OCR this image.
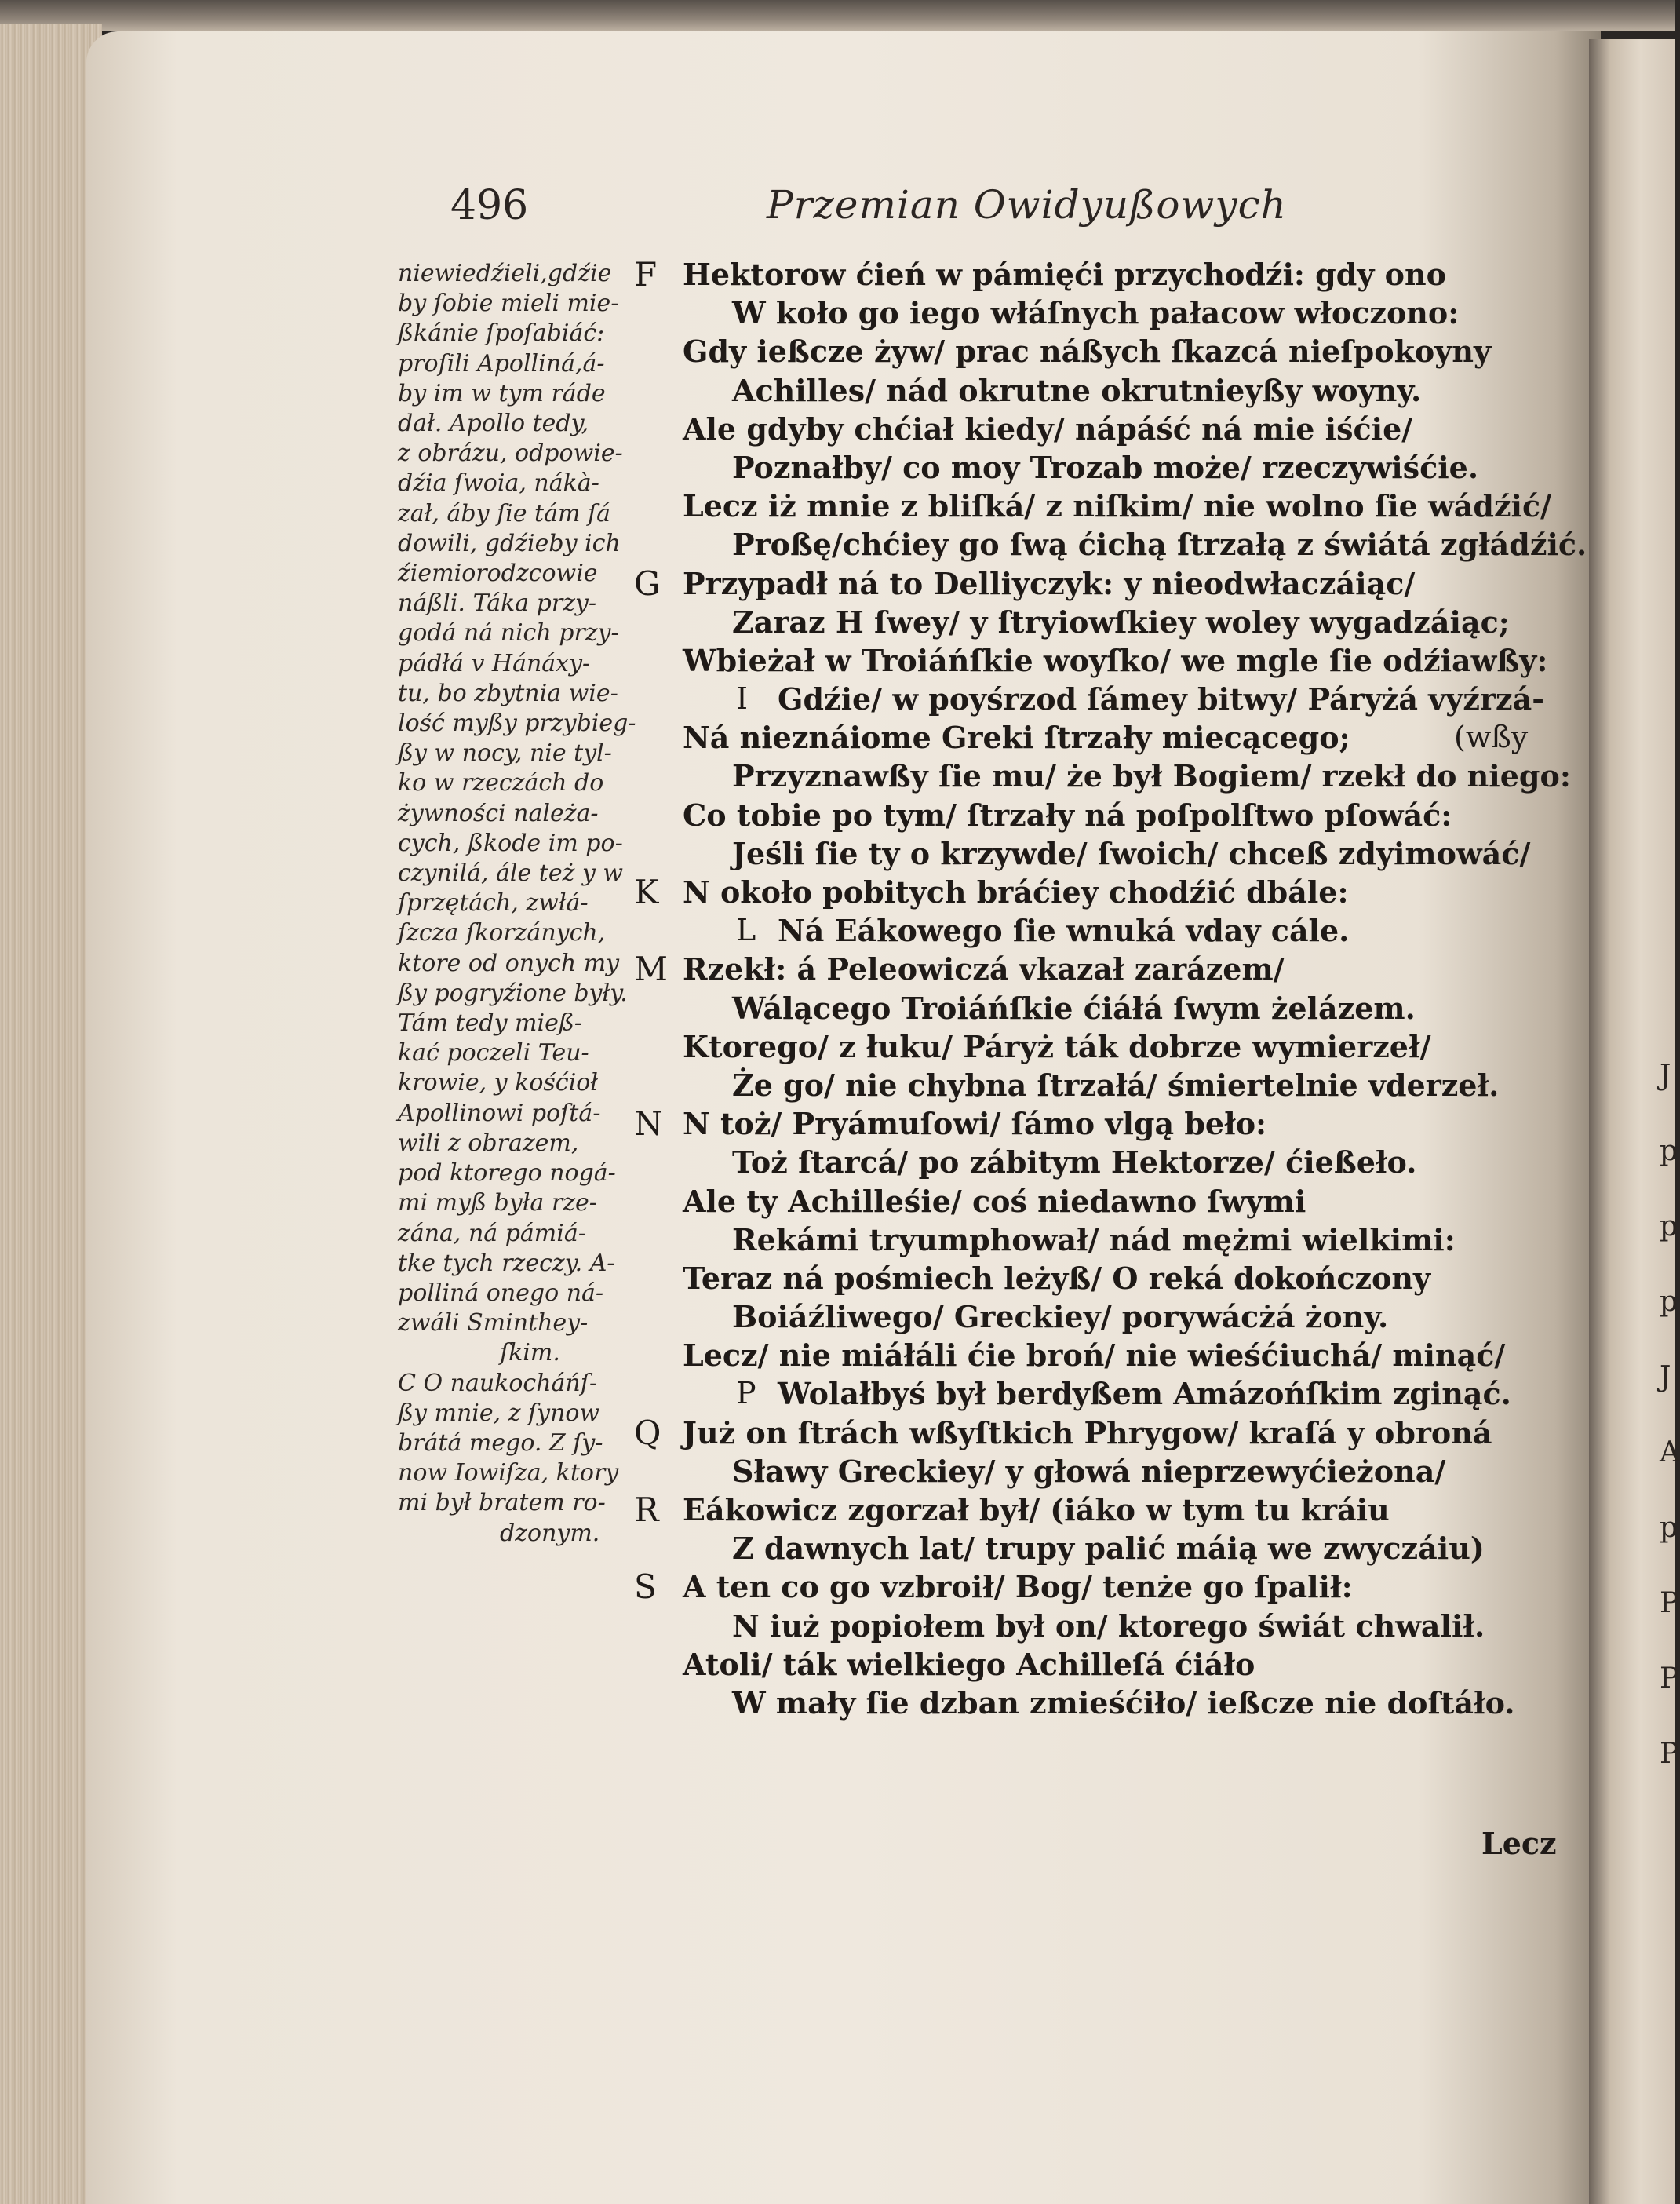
J
p
p
p
J
A
p
P
P
P
496	Przemian Owidyußowych
niewiedźieli,gdźie
by ſobie mieli mie-
ßkánie ſpoſabiáć:
proſili Apolliná,á-
by im w tym ráde
dał. Apollo tedy,
z obrázu, odpowie-
dźia ſwoia, nákà-
zał, áby ſie tám ſá
dowili, gdźieby ich
źiemiorodzcowie
náßli. Táka przy-
godá ná nich przy-
pádłá v Hánáxy-
tu, bo zbytnia wie-
lość myßy przybieg-
ßy w nocy, nie tyl-
ko w rzeczách do
żywności należa-
cych, ßkode im po-
czynilá, ále też y w
ſprzętách, zwłá-
ſzcza ſkorzánych,
ktore od onych my
ßy pogryźione były.
Tám tedy mieß-
kać poczeli Teu-
krowie, y kośćioł
Apollinowi poſtá-
wili z obrazem,
pod ktorego nogá-
mi myß była rze-
zána, ná pámiá-
tke tych rzeczy. A-
polliná onego ná-
zwáli Sminthey-
ſkim.
C O naukocháńſ-
ßy mnie, z ſynow
brátá mego. Z ſy-
now Iowiſza, ktory
mi był bratem ro-
dzonym.
F Hektorow ćień w pámięći przychodźi: gdy ono
W koło go iego włáſnych pałacow włoczono:
Gdy ießcze żyw/ prac náßych ſkazcá nieſpokoyny
Achilles/ nád okrutne okrutnieyßy woyny.
Ale gdyby chćiał kiedy/ nápáść ná mie iśćie/
Poznałby/ co moy Trozab może/ rzeczywiśćie.
Lecz iż mnie z bliſká/ z niſkim/ nie wolno ſie wádźić/
Proßę/chćiey go ſwą ćichą ſtrzałą z świátá zgłádźić.
G Przypadł ná to Delliyczyk: y nieodwłaczáiąc/
Zaraz H ſwey/ y ſtryiowſkiey woley wygadzáiąc;
Wbieżał w Troiáńſkie woyſko/ we mgle ſie odźiawßy:
I Gdźie/ w poyśrzod ſámey bitwy/ Páryżá vyźrzá-
Ná nieznáiome Greki ſtrzały miecącego;	(wßy
Przyznawßy ſie mu/ że był Bogiem/ rzekł do niego:
Co tobie po tym/ ſtrzały ná poſpolſtwo pſowáć:
Jeśli ſie ty o krzywde/ ſwoich/ chceß zdyimowáć/
K N około pobitych bráćiey chodźić dbále:
L Ná Eákowego ſie wnuká vday cále.
M Rzekł: á Peleowiczá vkazał zarázem/
Wálącego Troiáńſkie ćiáłá ſwym żelázem.
Ktorego/ z łuku/ Páryż ták dobrze wymierzeł/
Że go/ nie chybna ſtrzałá/ śmiertelnie vderzeł.
N N toż/ Pryámuſowi/ ſámo vlgą beło:
Toż ſtarcá/ po zábitym Hektorze/ ćießeło.
Ale ty Achilleśie/ coś niedawno ſwymi
Rekámi tryumphował/ nád mężmi wielkimi:
Teraz ná pośmiech leżyß/ O reká dokończony
Boiáźliwego/ Greckiey/ porywácżá żony.
Lecz/ nie miáłáli ćie broń/ nie wieśćiuchá/ minąć/
P Wolałbyś był berdyßem Amázońſkim zginąć.
Q Już on ſtrách wßyſtkich Phrygow/ kraſá y obroná
Sławy Greckiey/ y głowá nieprzewyćieżona/
R Eákowicz zgorzał był/ (iáko w tym tu kráiu
Z dawnych lat/ trupy palić máią we zwyczáiu)
S A ten co go vzbroił/ Bog/ tenże go ſpalił:
N iuż popiołem był on/ ktorego świát chwalił.
Atoli/ ták wielkiego Achilleſá ćiáło
W mały ſie dzban zmieśćiło/ ießcze nie doſtáło.
Lecz
